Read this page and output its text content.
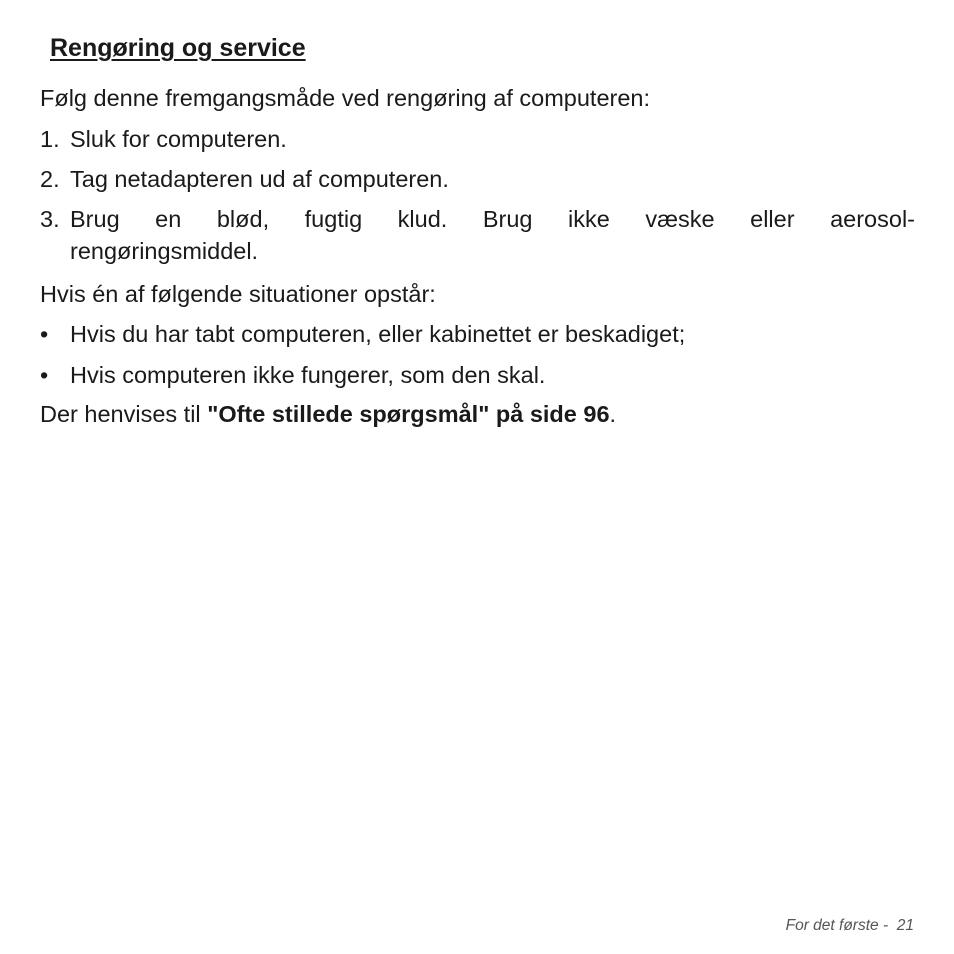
Rengøring og service

Følg denne fremgangsmåde ved rengøring af computeren:

1. Sluk for computeren.
2. Tag netadapteren ud af computeren.
3. Brug en blød, fugtig klud. Brug ikke væske eller aerosol-
rengøringsmiddel.

Hvis én af følgende situationer opstår:

• Hvis du har tabt computeren, eller kabinettet er beskadiget;
• Hvis computeren ikke fungerer, som den skal.

Der henvises til "Ofte stillede spørgsmål" på side 96.

For det første - 21
